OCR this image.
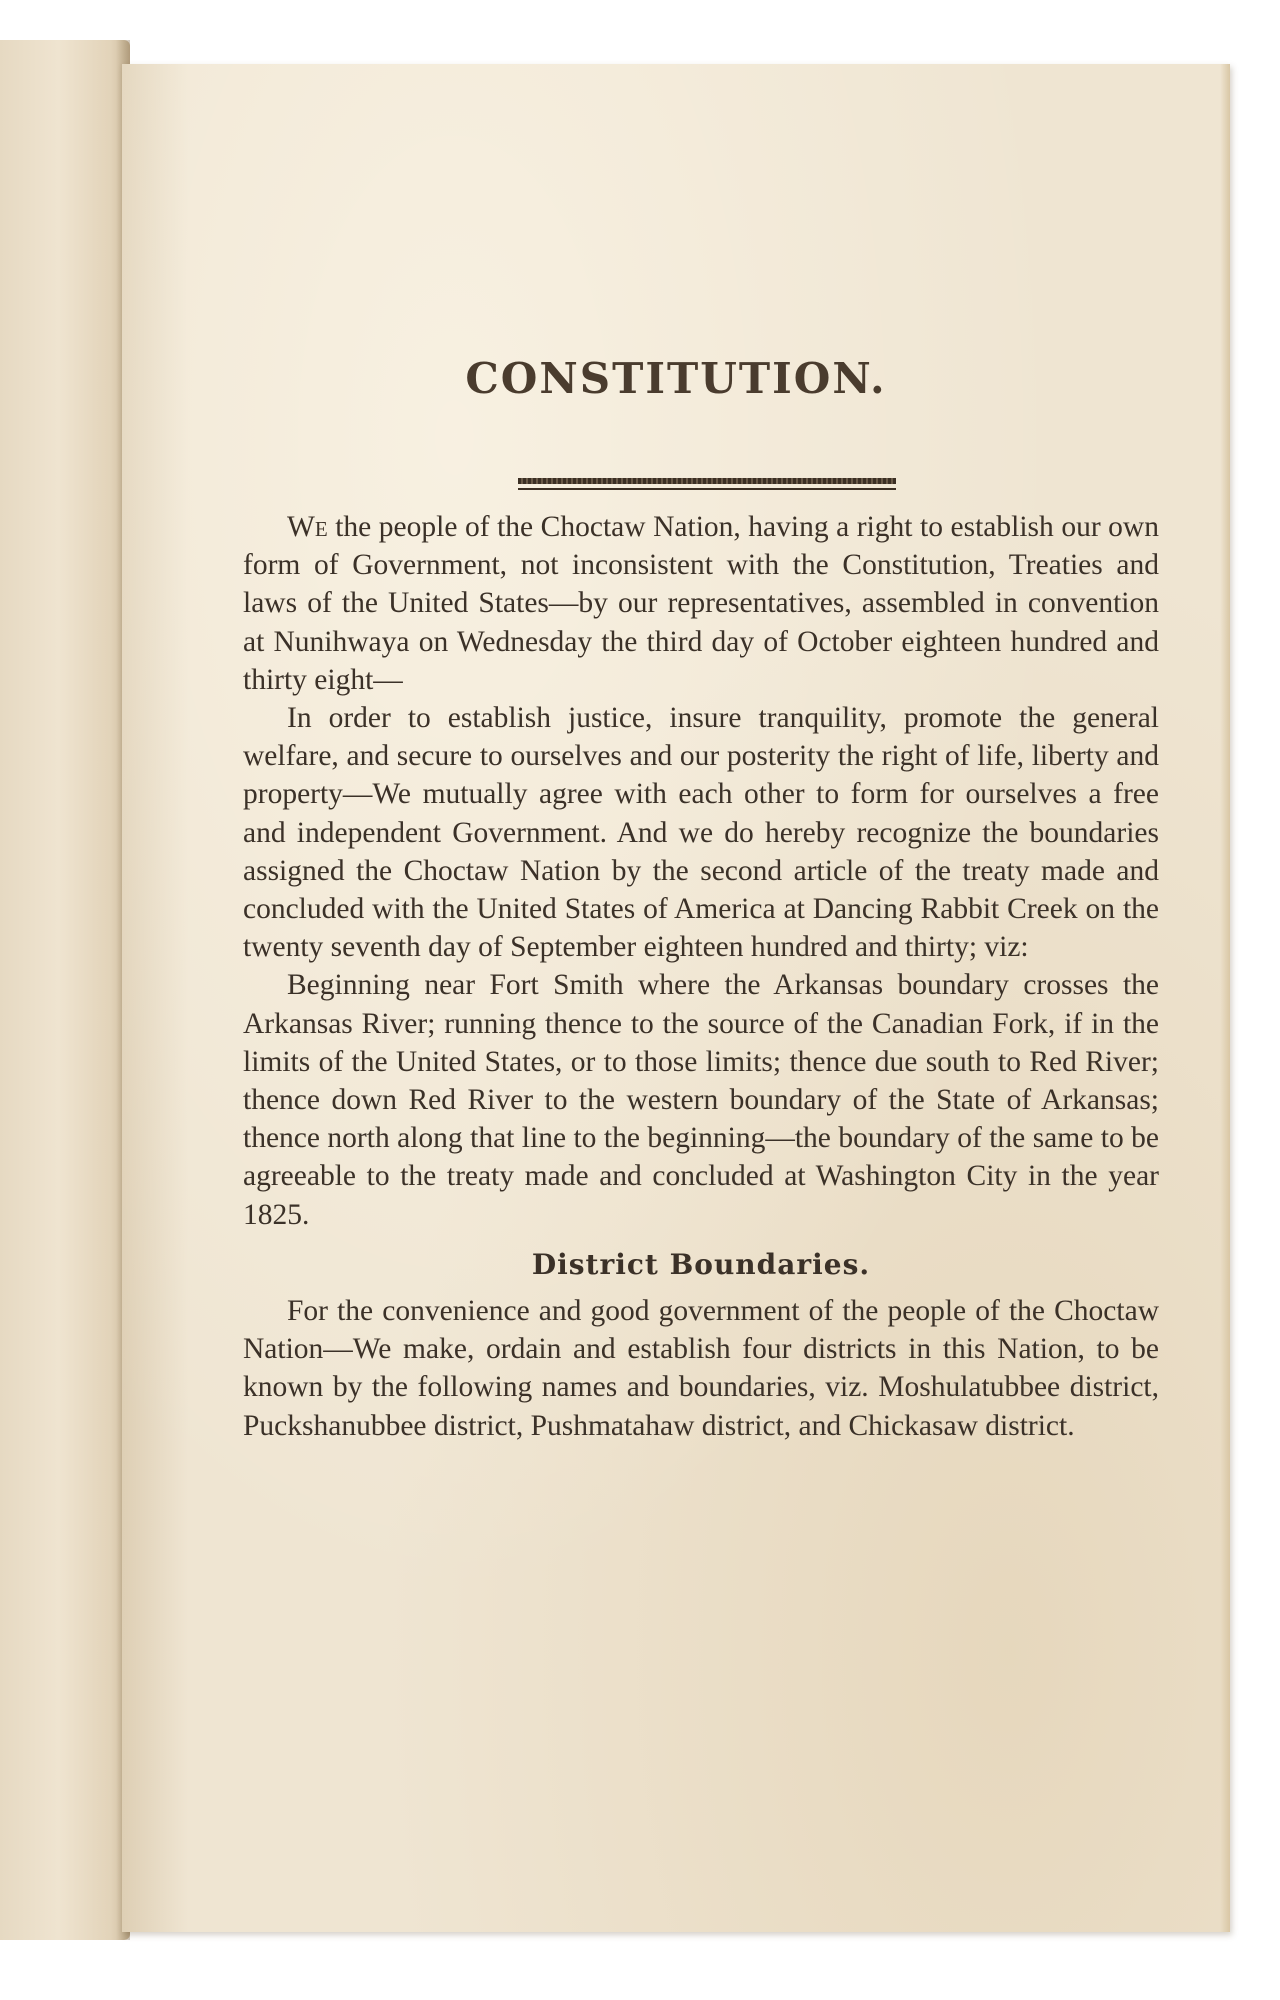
CONSTITUTION.

We the people of the Choctaw Nation, having a right to establish our own form of Government, not inconsistent with the Constitution, Treaties and laws of the United States—by our representatives, assembled in convention at Nunihwaya on Wednesday the third day of October eighteen hundred and thirty eight—

In order to establish justice, insure tranquility, promote the general welfare, and secure to ourselves and our posterity the right of life, liberty and property—We mutually agree with each other to form for ourselves a free and independent Government. And we do hereby recognize the boundaries assigned the Choctaw Nation by the second article of the treaty made and concluded with the United States of America at Dancing Rabbit Creek on the twenty seventh day of September eighteen hundred and thirty; viz:

Beginning near Fort Smith where the Arkansas boundary crosses the Arkansas River; running thence to the source of the Canadian Fork, if in the limits of the United States, or to those limits; thence due south to Red River; thence down Red River to the western boundary of the State of Arkansas; thence north along that line to the beginning—the boundary of the same to be agreeable to the treaty made and concluded at Washington City in the year 1825.

District Boundaries.

For the convenience and good government of the people of the Choctaw Nation—We make, ordain and establish four districts in this Nation, to be known by the following names and boundaries, viz. Moshulatubbee district, Puckshanubbee district, Pushmatahaw district, and Chickasaw district.
